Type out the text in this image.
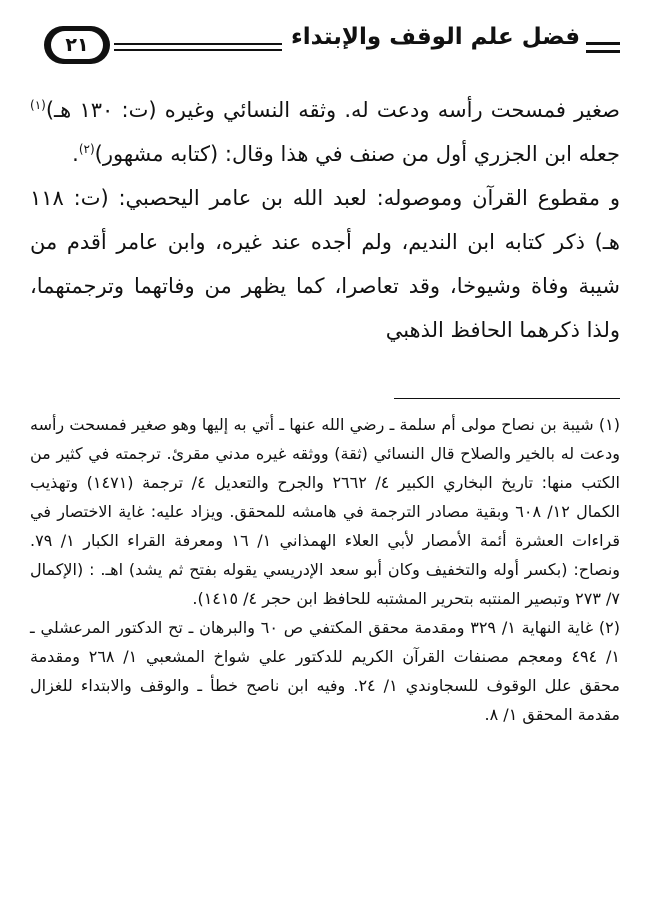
٢١	فضل علم الوقف والإبتداء

صغير فمسحت رأسه ودعت له. وثقه النسائي وغيره (ت: ١٣٠ هـ)$^{(١)}$ جعله ابن الجزري أول من صنف في هذا وقال: (كتابه مشهور)$^{(٢)}$.

و مقطوع القرآن وموصوله: لعبد الله بن عامر اليحصبي: (ت: ١١٨ هـ) ذكر كتابه ابن النديم، ولم أجده عند غيره، وابن عامر أقدم من شيبة وفاة وشيوخا، وقد تعاصرا، كما يظهر من وفاتهما وترجمتهما، ولذا ذكرهما الحافظ الذهبي

(١) شيبة بن نصاح مولى أم سلمة ـ رضي الله عنها ـ أتي به إليها وهو صغير فمسحت رأسه ودعت له بالخير والصلاح قال النسائي (ثقة) ووثقه غيره مدني مقرئ. ترجمته في كثير من الكتب منها: تاريخ البخاري الكبير ٤/ ٢٦٦٢ والجرح والتعديل ٤/ ترجمة (١٤٧١) وتهذيب الكمال ١٢/ ٦٠٨ وبقية مصادر الترجمة في هامشه للمحقق. ويزاد عليه: غاية الاختصار في قراءات العشرة أئمة الأمصار لأبي العلاء الهمذاني ١/ ١٦ ومعرفة القراء الكبار ١/ ٧٩. ونصاح: (بكسر أوله والتخفيف وكان أبو سعد الإدريسي يقوله بفتح ثم يشد) اهـ. : (الإكمال ٧/ ٢٧٣ وتبصير المنتبه بتحرير المشتبه للحافظ ابن حجر ٤/ ١٤١٥).

(٢) غاية النهاية ١/ ٣٢٩ ومقدمة محقق المكتفي ص ٦٠ والبرهان ـ تح الدكتور المرعشلي ـ ١/ ٤٩٤ ومعجم مصنفات القرآن الكريم للدكتور علي شواخ المشعبي ١/ ٢٦٨ ومقدمة محقق علل الوقوف للسجاوندي ١/ ٢٤. وفيه ابن ناصح خطأ ـ والوقف والابتداء للغزال مقدمة المحقق ١/ ٨.
